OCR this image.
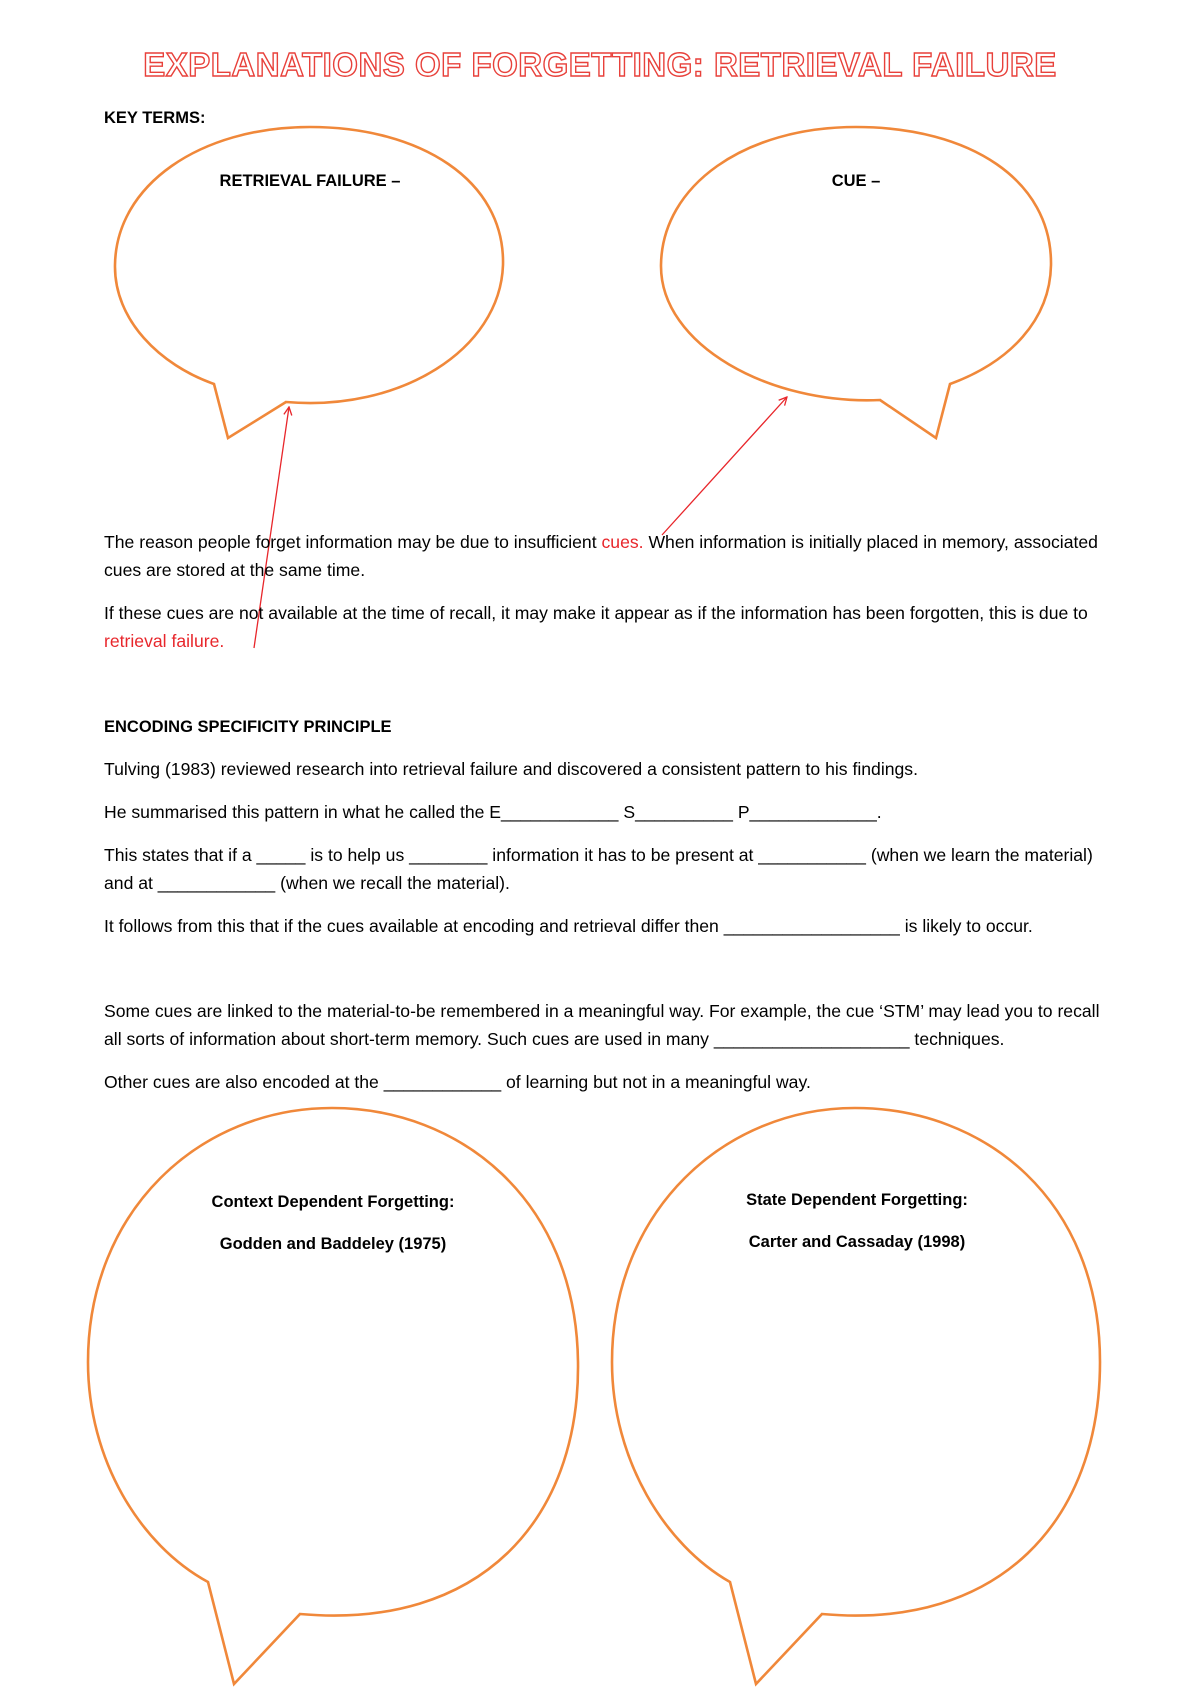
EXPLANATIONS OF FORGETTING: RETRIEVAL FAILURE

KEY TERMS:

RETRIEVAL FAILURE –	CUE –

The reason people forget information may be due to insufficient cues. When information is initially placed in memory, associated cues are stored at the same time.

If these cues are not available at the time of recall, it may make it appear as if the information has been forgotten, this is due to retrieval failure.

ENCODING SPECIFICITY PRINCIPLE

Tulving (1983) reviewed research into retrieval failure and discovered a consistent pattern to his findings.

He summarised this pattern in what he called the E____________ S__________ P_____________.

This states that if a _____ is to help us ________ information it has to be present at ___________ (when we learn the material) and at ____________ (when we recall the material).

It follows from this that if the cues available at encoding and retrieval differ then __________________ is likely to occur.

Some cues are linked to the material-to-be remembered in a meaningful way. For example, the cue ‘STM’ may lead you to recall all sorts of information about short-term memory. Such cues are used in many ____________________ techniques.

Other cues are also encoded at the ____________ of learning but not in a meaningful way.

Context Dependent Forgetting:

Godden and Baddeley (1975)

State Dependent Forgetting:

Carter and Cassaday (1998)
